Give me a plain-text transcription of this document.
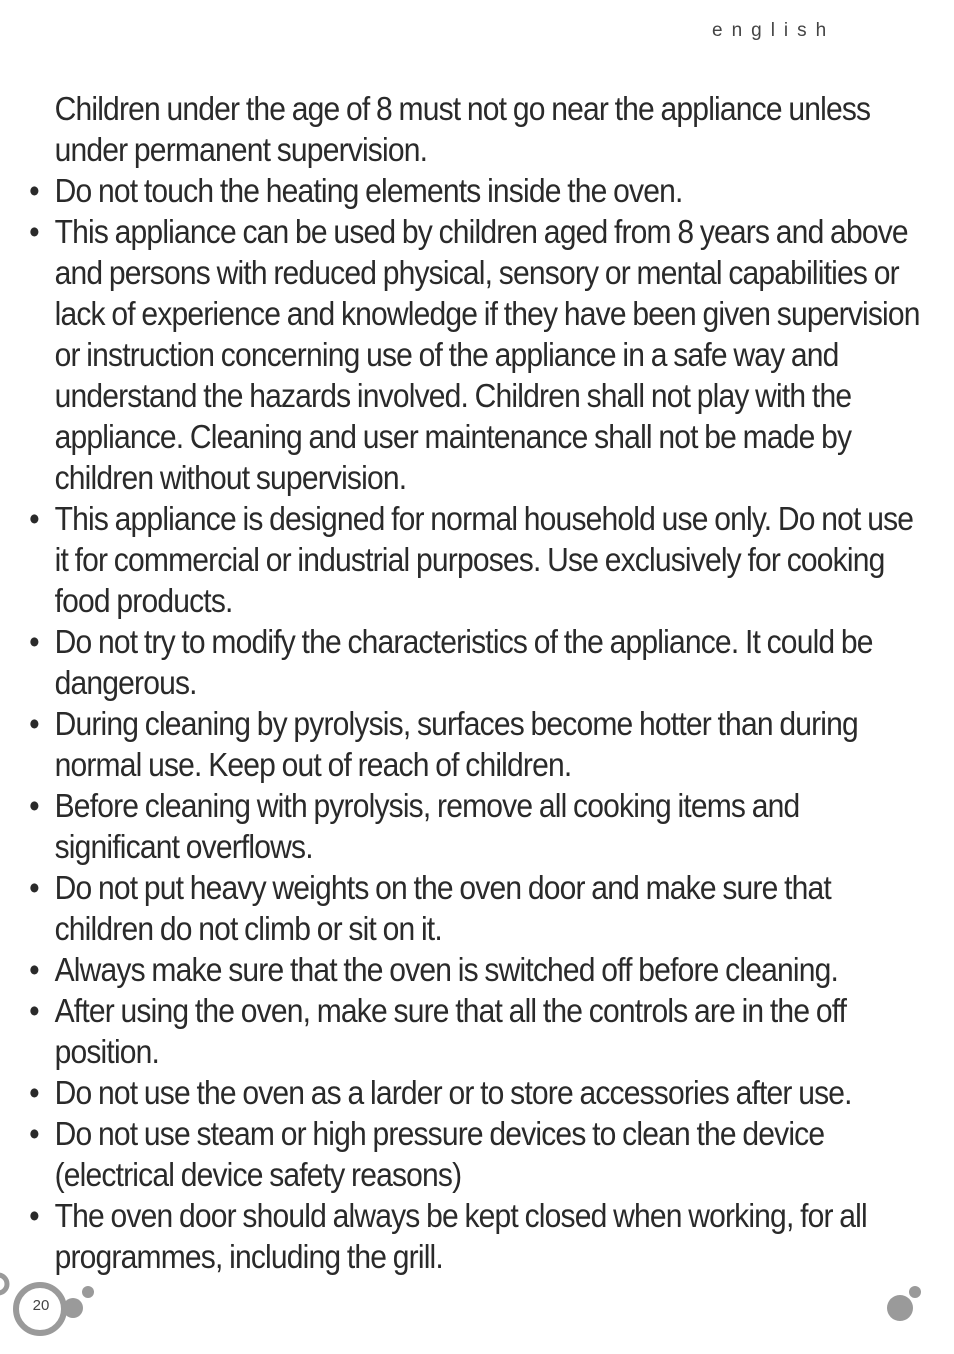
english
Children under the age of 8 must not go near the appliance unless under permanent supervision.
• Do not touch the heating elements inside the oven.
• This appliance can be used by children aged from 8 years and above and persons with reduced physical, sensory or mental capabilities or lack of experience and knowledge if they have been given supervision or instruction concerning use of the appliance in a safe way and understand the hazards involved. Children shall not play with the appliance. Cleaning and user maintenance shall not be made by children without supervision.
• This appliance is designed for normal household use only. Do not use it for commercial or industrial purposes. Use exclusively for cooking food products.
• Do not try to modify the characteristics of the appliance. It could be dangerous.
• During cleaning by pyrolysis, surfaces become hotter than during normal use. Keep out of reach of children.
• Before cleaning with pyrolysis, remove all cooking items and significant overflows.
• Do not put heavy weights on the oven door and make sure that children do not climb or sit on it.
• Always make sure that the oven is switched off before cleaning.
• After using the oven, make sure that all the controls are in the off position.
• Do not use the oven as a larder or to store accessories after use.
• Do not use steam or high pressure devices to clean the device (electrical device safety reasons)
• The oven door should always be kept closed when working, for all programmes, including the grill.
20
